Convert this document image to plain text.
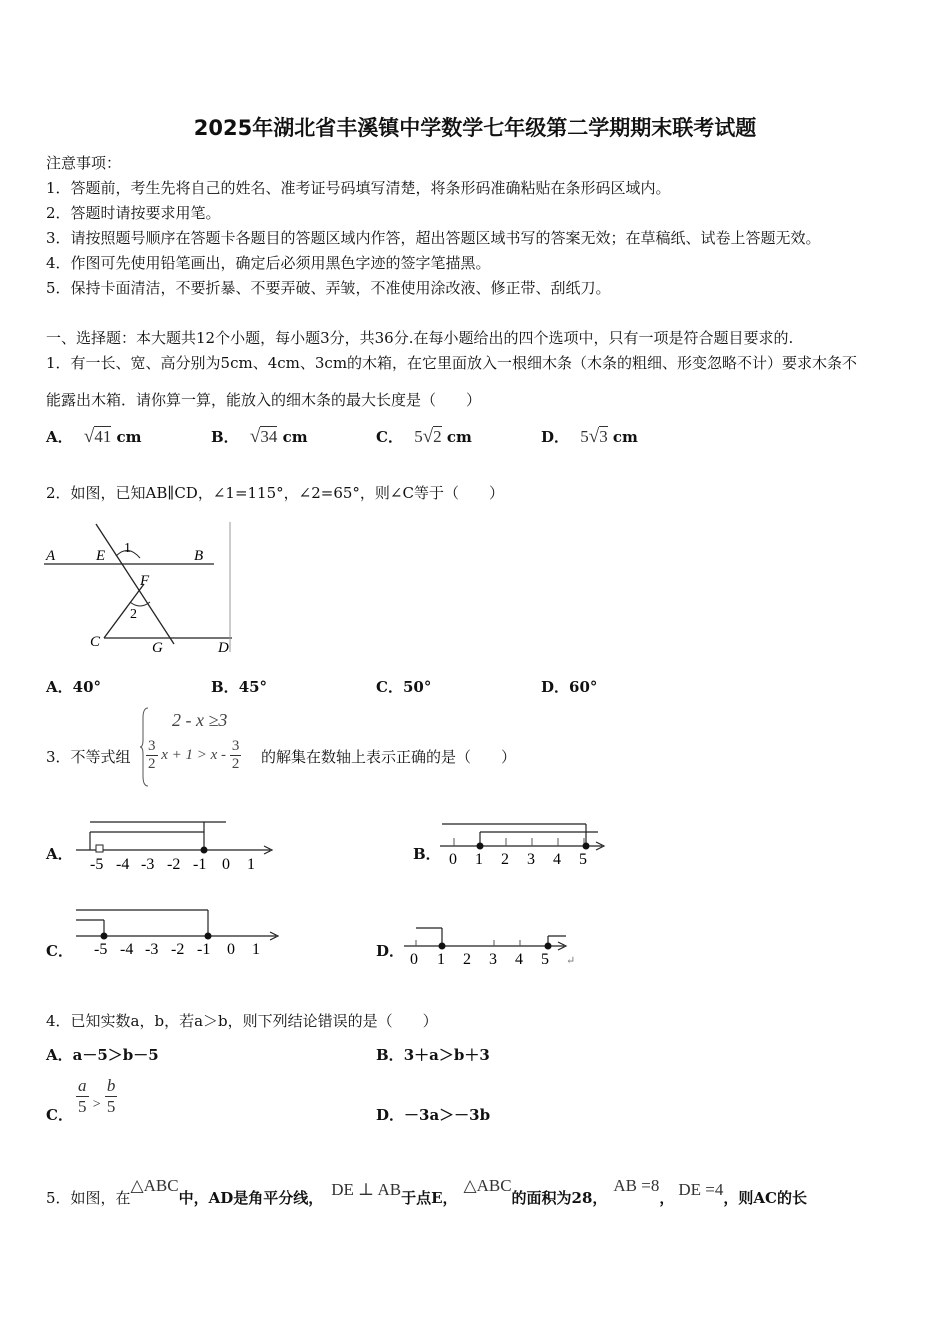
2025年湖北省丰溪镇中学数学七年级第二学期期末联考试题
注意事项：
1．答题前，考生先将自己的姓名、准考证号码填写清楚，将条形码准确粘贴在条形码区域内。
2．答题时请按要求用笔。
3．请按照题号顺序在答题卡各题目的答题区域内作答，超出答题区域书写的答案无效；在草稿纸、试卷上答题无效。
4．作图可先使用铅笔画出，确定后必须用黑色字迹的签字笔描黑。
5．保持卡面清洁，不要折暴、不要弄破、弄皱，不准使用涂改液、修正带、刮纸刀。
一、选择题：本大题共12个小题，每小题3分，共36分.在每小题给出的四个选项中，只有一项是符合题目要求的.
1．有一长、宽、高分别为5cm、4cm、3cm的木箱，在它里面放入一根细木条（木条的粗细、形变忽略不计）要求木条不
能露出木箱．请你算一算，能放入的细木条的最大长度是（　　）
A． √41 cm	B． √34 cm	C． 5√2 cm	D． 5√3 cm
2．如图，已知AB∥CD，∠1=115°，∠2=65°，则∠C等于（　　）
A	E	B
1
F
2
C	G	D
A．40°	B．45°	C．50°	D．60°
3．不等式组
2 - x ≥3
$\frac{3}{2}$ $x + 1 > x - \frac{3}{2}$ 的解集在数轴上表示正确的是（　　）
A．
-5 -4 -3 -2 -1 0 1
B． 0 1 2 3 4 5
C． -5 -4 -3 -2 -1 0 1	D． 0 1 2 3 4 5 ↵
4．已知实数a，b，若a＞b，则下列结论错误的是（　　）
A．a－5＞b－5	B．3＋a＞b＋3
C． $\frac{a}{5} _> \frac{b}{5}$	D．－3a＞－3b
5．如图，在△ABC中，AD是角平分线， DE ⊥ AB于点E，△ABC的面积为28，AB =8， DE =4，则AC的长
